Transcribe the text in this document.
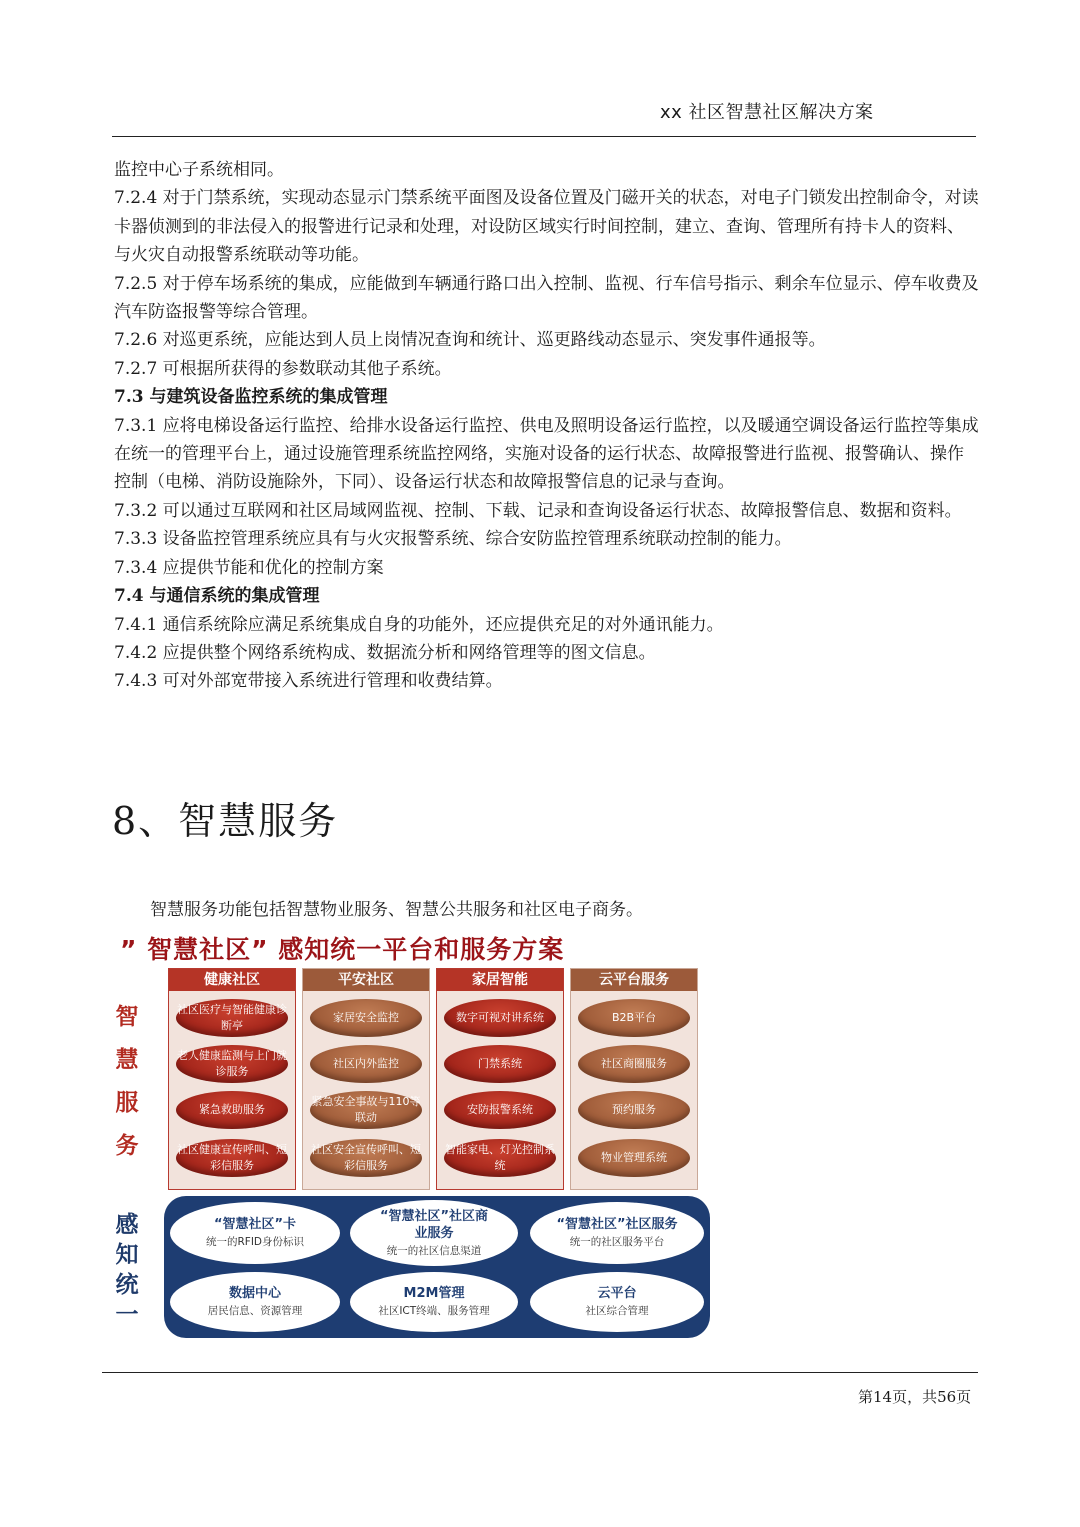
xx 社区智慧社区解决方案

监控中心子系统相同。

7.2.4 对于门禁系统，实现动态显示门禁系统平面图及设备位置及门磁开关的状态，对电子门锁发出控制命令，对读卡器侦测到的非法侵入的报警进行记录和处理，对设防区域实行时间控制，建立、查询、管理所有持卡人的资料、与火灾自动报警系统联动等功能。

7.2.5 对于停车场系统的集成，应能做到车辆通行路口出入控制、监视、行车信号指示、剩余车位显示、停车收费及汽车防盗报警等综合管理。

7.2.6 对巡更系统，应能达到人员上岗情况查询和统计、巡更路线动态显示、突发事件通报等。

7.2.7 可根据所获得的参数联动其他子系统。

7.3 与建筑设备监控系统的集成管理

7.3.1 应将电梯设备运行监控、给排水设备运行监控、供电及照明设备运行监控，以及暖通空调设备运行监控等集成在统一的管理平台上，通过设施管理系统监控网络，实施对设备的运行状态、故障报警进行监视、报警确认、操作控制（电梯、消防设施除外，下同）、设备运行状态和故障报警信息的记录与查询。

7.3.2 可以通过互联网和社区局域网监视、控制、下载、记录和查询设备运行状态、故障报警信息、数据和资料。

7.3.3 设备监控管理系统应具有与火灾报警系统、综合安防监控管理系统联动控制的能力。

7.3.4 应提供节能和优化的控制方案

7.4 与通信系统的集成管理

7.4.1 通信系统除应满足系统集成自身的功能外，还应提供充足的对外通讯能力。

7.4.2 应提供整个网络系统构成、数据流分析和网络管理等的图文信息。

7.4.3 可对外部宽带接入系统进行管理和收费结算。

8、智慧服务
智慧服务功能包括智慧物业服务、智慧公共服务和社区电子商务。
” 智慧社区” 感知统一平台和服务方案
智
慧
服
务
健康社区
社区医疗与智能健康诊断亭
老人健康监测与上门就诊服务
紧急救助服务
社区健康宣传呼叫、短彩信服务
平安社区
家居安全监控
社区内外监控
紧急安全事故与110等联动
社区安全宣传呼叫、短彩信服务
家居智能
数字可视对讲系统
门禁系统
安防报警系统
智能家电、灯光控制系统
云平台服务
B2B平台
社区商圈服务
预约服务
物业管理系统
感
知
统
一
“智慧社区”卡
统一的RFID身份标识
“智慧社区”社区商业服务
统一的社区信息渠道
“智慧社区”社区服务
统一的社区服务平台
数据中心
居民信息、资源管理
M2M管理
社区ICT终端、服务管理
云平台
社区综合管理
第14页，共56页
